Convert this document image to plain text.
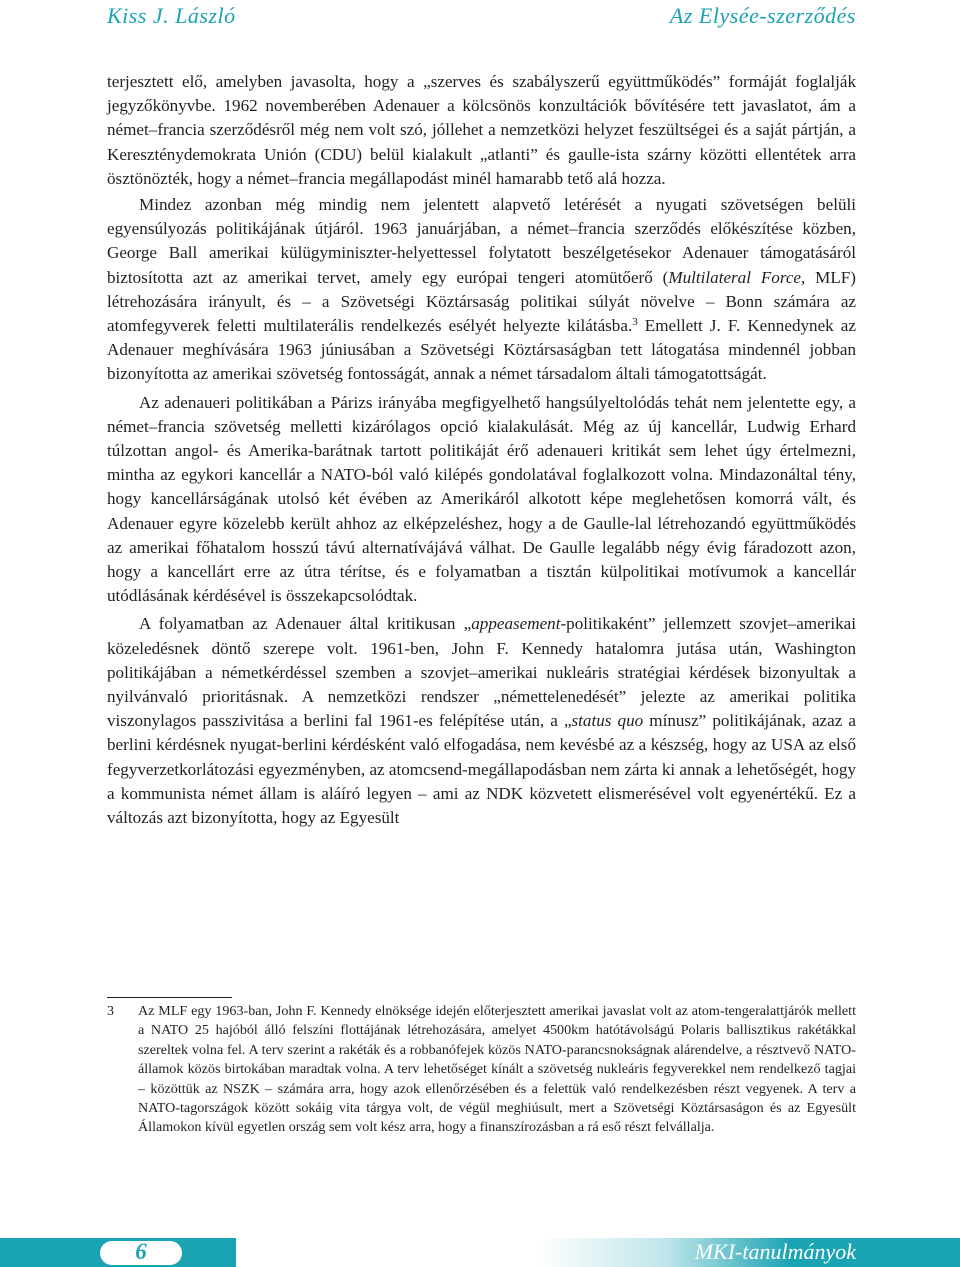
Kiss J. László	Az Elysée-szerződés

terjesztett elő, amelyben javasolta, hogy a „szerves és szabályszerű együttműködés” formáját foglalják jegyzőkönyvbe. 1962 novemberében Adenauer a kölcsönös konzultációk bővítésére tett javaslatot, ám a német–francia szerződésről még nem volt szó, jóllehet a nemzetközi helyzet feszültségei és a saját pártján, a Kereszténydemokrata Unión (CDU) belül kialakult „atlanti” és gaulle-ista szárny közötti ellentétek arra ösztönözték, hogy a német–francia megállapodást minél hamarabb tető alá hozza.

Mindez azonban még mindig nem jelentett alapvető letérését a nyugati szövetségen belüli egyensúlyozás politikájának útjáról. 1963 januárjában, a német–francia szerződés előkészítése közben, George Ball amerikai külügyminiszter-helyettessel folytatott beszélgetésekor Adenauer támogatásáról biztosította azt az amerikai tervet, amely egy európai tengeri atomütőerő (Multilateral Force, MLF) létrehozására irányult, és – a Szövetségi Köztársaság politikai súlyát növelve – Bonn számára az atomfegyverek feletti multilaterális rendelkezés esélyét helyezte kilátásba.$^3$ Emellett J. F. Kennedynek az Adenauer meghívására 1963 júniusában a Szövetségi Köztársaságban tett látogatása mindennél jobban bizonyította az amerikai szövetség fontosságát, annak a német társadalom általi támogatottságát.

Az adenaueri politikában a Párizs irányába megfigyelhető hangsúlyeltolódás tehát nem jelentette egy, a német–francia szövetség melletti kizárólagos opció kialakulását. Még az új kancellár, Ludwig Erhard túlzottan angol- és Amerika-barátnak tartott politikáját érő adenaueri kritikát sem lehet úgy értelmezni, mintha az egykori kancellár a NATO-ból való kilépés gondolatával foglalkozott volna. Mindazonáltal tény, hogy kancellárságának utolsó két évében az Amerikáról alkotott képe meglehetősen komorrá vált, és Adenauer egyre közelebb került ahhoz az elképzeléshez, hogy a de Gaulle-lal létrehozandó együttműködés az amerikai főhatalom hosszú távú alternatívájává válhat. De Gaulle legalább négy évig fáradozott azon, hogy a kancellárt erre az útra térítse, és e folyamatban a tisztán külpolitikai motívumok a kancellár utódlásának kérdésével is összekapcsolódtak.

A folyamatban az Adenauer által kritikusan „appeasement-politikaként” jellemzett szovjet–amerikai közeledésnek döntő szerepe volt. 1961-ben, John F. Kennedy hatalomra jutása után, Washington politikájában a németkérdéssel szemben a szovjet–amerikai nukleáris stratégiai kérdések bizonyultak a nyilvánvaló prioritásnak. A nemzetközi rendszer „némettelenedését” jelezte az amerikai politika viszonylagos passzivitása a berlini fal 1961-es felépítése után, a „status quo mínusz” politikájának, azaz a berlini kérdésnek nyugat-berlini kérdésként való elfogadása, nem kevésbé az a készség, hogy az USA az első fegyverzetkorlátozási egyezményben, az atomcsend-megállapodásban nem zárta ki annak a lehetőségét, hogy a kommunista német állam is aláíró legyen – ami az NDK közvetett elismerésével volt egyenértékű. Ez a változás azt bizonyította, hogy az Egyesült

3 Az MLF egy 1963-ban, John F. Kennedy elnöksége idején előterjesztett amerikai javaslat volt az atom-tengeralattjárók mellett a NATO 25 hajóból álló felszíni flottájának létrehozására, amelyet 4500km hatótávolságú Polaris ballisztikus rakétákkal szereltek volna fel. A terv szerint a rakéták és a robbanófejek közös NATO-parancsnokságnak alárendelve, a résztvevő NATO-államok közös birtokában maradtak volna. A terv lehetőséget kínált a szövetség nukleáris fegyverekkel nem rendelkező tagjai – közöttük az NSZK – számára arra, hogy azok ellenőrzésében és a felettük való rendelkezésben részt vegyenek. A terv a NATO-tagországok között sokáig vita tárgya volt, de végül meghiúsult, mert a Szövetségi Köztársaságon és az Egyesült Államokon kívül egyetlen ország sem volt kész arra, hogy a finanszírozásban a rá eső részt felvállalja.
6	MKI-tanulmányok
